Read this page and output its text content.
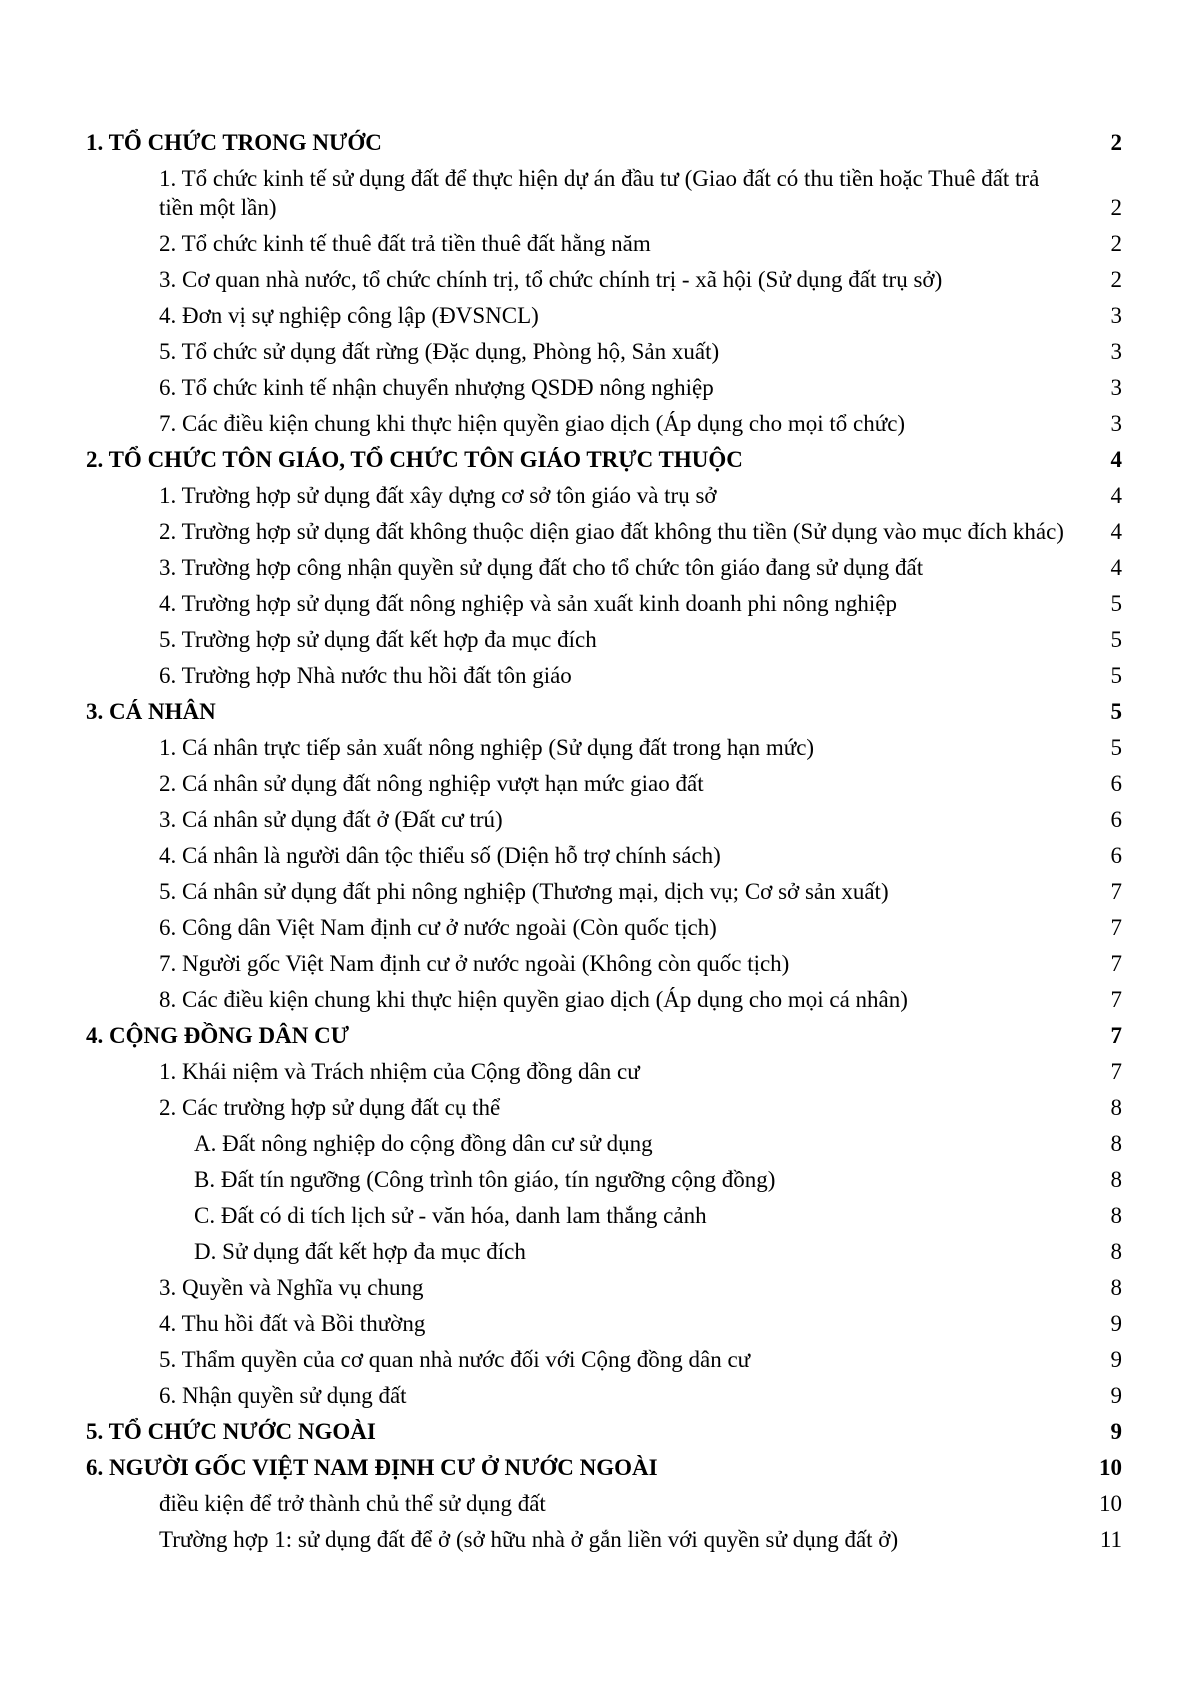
1. TỔ CHỨC TRONG NƯỚC	2
1. Tổ chức kinh tế sử dụng đất để thực hiện dự án đầu tư (Giao đất có thu tiền hoặc Thuê đất trả tiền một lần)	2
2. Tổ chức kinh tế thuê đất trả tiền thuê đất hằng năm	2
3. Cơ quan nhà nước, tổ chức chính trị, tổ chức chính trị - xã hội (Sử dụng đất trụ sở)	2
4. Đơn vị sự nghiệp công lập (ĐVSNCL)	3
5. Tổ chức sử dụng đất rừng (Đặc dụng, Phòng hộ, Sản xuất)	3
6. Tổ chức kinh tế nhận chuyển nhượng QSDĐ nông nghiệp	3
7. Các điều kiện chung khi thực hiện quyền giao dịch (Áp dụng cho mọi tổ chức)	3
2. TỔ CHỨC TÔN GIÁO, TỔ CHỨC TÔN GIÁO TRỰC THUỘC	4
1. Trường hợp sử dụng đất xây dựng cơ sở tôn giáo và trụ sở	4
2. Trường hợp sử dụng đất không thuộc diện giao đất không thu tiền (Sử dụng vào mục đích khác)	4
3. Trường hợp công nhận quyền sử dụng đất cho tổ chức tôn giáo đang sử dụng đất	4
4. Trường hợp sử dụng đất nông nghiệp và sản xuất kinh doanh phi nông nghiệp	5
5. Trường hợp sử dụng đất kết hợp đa mục đích	5
6. Trường hợp Nhà nước thu hồi đất tôn giáo	5
3. CÁ NHÂN	5
1. Cá nhân trực tiếp sản xuất nông nghiệp (Sử dụng đất trong hạn mức)	5
2. Cá nhân sử dụng đất nông nghiệp vượt hạn mức giao đất	6
3. Cá nhân sử dụng đất ở (Đất cư trú)	6
4. Cá nhân là người dân tộc thiểu số (Diện hỗ trợ chính sách)	6
5. Cá nhân sử dụng đất phi nông nghiệp (Thương mại, dịch vụ; Cơ sở sản xuất)	7
6. Công dân Việt Nam định cư ở nước ngoài (Còn quốc tịch)	7
7. Người gốc Việt Nam định cư ở nước ngoài (Không còn quốc tịch)	7
8. Các điều kiện chung khi thực hiện quyền giao dịch (Áp dụng cho mọi cá nhân)	7
4. CỘNG ĐỒNG DÂN CƯ	7
1. Khái niệm và Trách nhiệm của Cộng đồng dân cư	7
2. Các trường hợp sử dụng đất cụ thể	8
A. Đất nông nghiệp do cộng đồng dân cư sử dụng	8
B. Đất tín ngưỡng (Công trình tôn giáo, tín ngưỡng cộng đồng)	8
C. Đất có di tích lịch sử - văn hóa, danh lam thắng cảnh	8
D. Sử dụng đất kết hợp đa mục đích	8
3. Quyền và Nghĩa vụ chung	8
4. Thu hồi đất và Bồi thường	9
5. Thẩm quyền của cơ quan nhà nước đối với Cộng đồng dân cư	9
6. Nhận quyền sử dụng đất	9
5. TỔ CHỨC NƯỚC NGOÀI	9
6. NGƯỜI GỐC VIỆT NAM ĐỊNH CƯ Ở NƯỚC NGOÀI	10
điều kiện để trở thành chủ thể sử dụng đất	10
Trường hợp 1: sử dụng đất để ở (sở hữu nhà ở gắn liền với quyền sử dụng đất ở)	11
